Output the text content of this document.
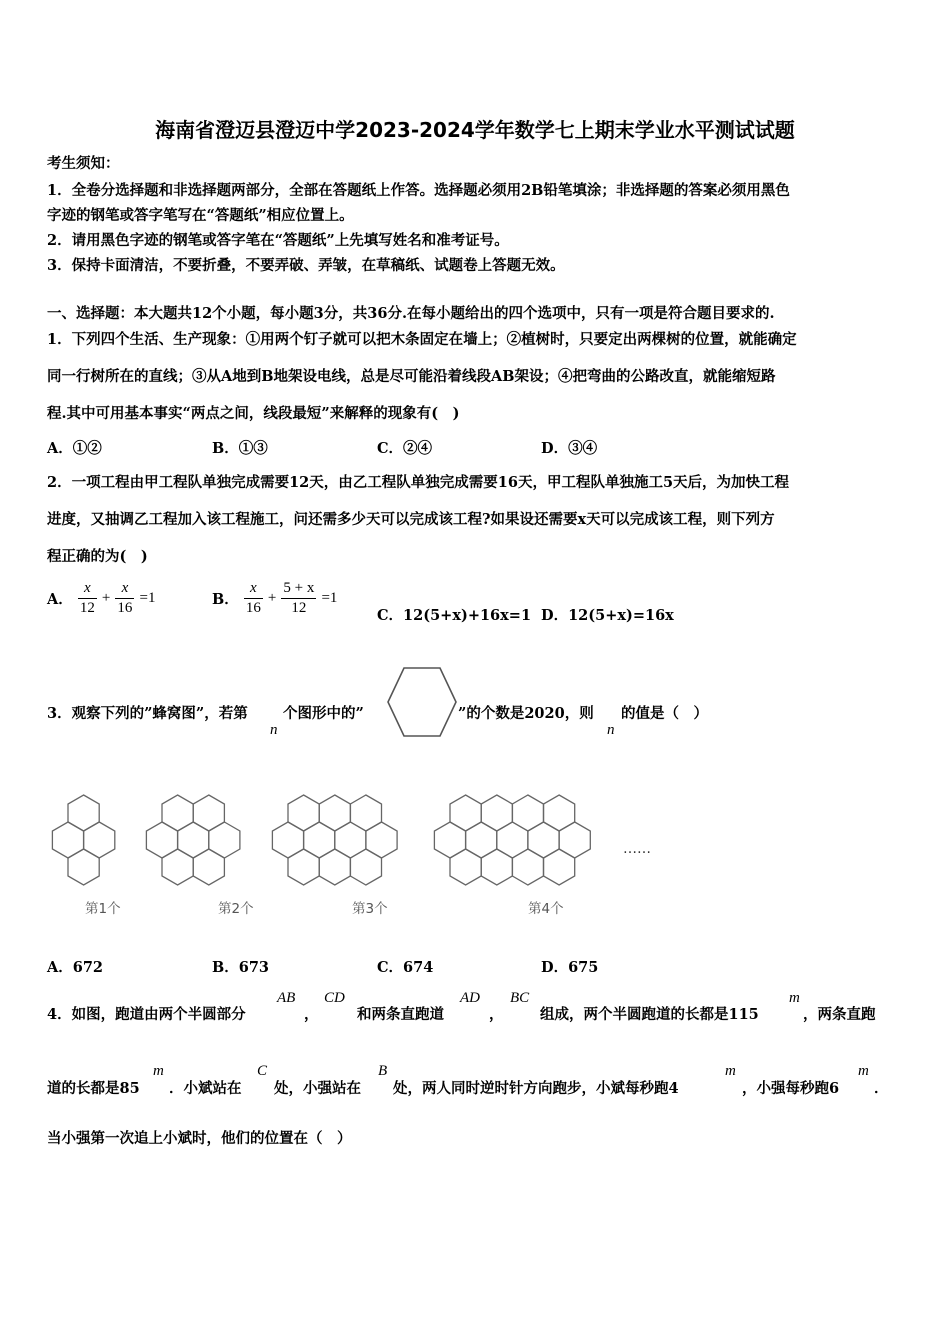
海南省澄迈县澄迈中学2023-2024学年数学七上期末学业水平测试试题
考生须知：
1．全卷分选择题和非选择题两部分，全部在答题纸上作答。选择题必须用2B铅笔填涂；非选择题的答案必须用黑色
字迹的钢笔或答字笔写在“答题纸”相应位置上。
2．请用黑色字迹的钢笔或答字笔在“答题纸”上先填写姓名和准考证号。
3．保持卡面清洁，不要折叠，不要弄破、弄皱，在草稿纸、试题卷上答题无效。
一、选择题：本大题共12个小题，每小题3分，共36分.在每小题给出的四个选项中，只有一项是符合题目要求的.
1．下列四个生活、生产现象：①用两个钉子就可以把木条固定在墙上；②植树时，只要定出两棵树的位置，就能确定
同一行树所在的直线；③从A地到B地架设电线，总是尽可能沿着线段AB架设；④把弯曲的公路改直，就能缩短路
程.其中可用基本事实“两点之间，线段最短”来解释的现象有(　)
A．①②	B．①③	C．②④	D．③④
2．一项工程由甲工程队单独完成需要12天，由乙工程队单独完成需要16天，甲工程队单独施工5天后，为加快工程
进度，又抽调乙工程加入该工程施工，问还需多少天可以完成该工程?如果设还需要x天可以完成该工程，则下列方
程正确的为(　)
A． $\frac{x}{12} + \frac{x}{16} =1$	B． $\frac{x}{16} + \frac{5 + x}{12} =1$
C．12(5+x)+16x=1 D．12(5+x)=16x
3．观察下列的”蜂窝图”，若第 个图形中的”	”的个数是2020，则 的值是（　）
n	n
第1个	第2个	第3个	第4个
……
A．672	B．673	C．674	D．675
4．如图，跑道由两个半圆部分
AB
，
CD
和两条直跑道
AD
，
BC
组成，两个半圆跑道的长都是115
m
，两条直跑
道的长都是85
m
．小斌站在
C
处，小强站在
B
处，两人同时逆时针方向跑步，小斌每秒跑4
m
，小强每秒跑6
m
．
当小强第一次追上小斌时，他们的位置在（　）
